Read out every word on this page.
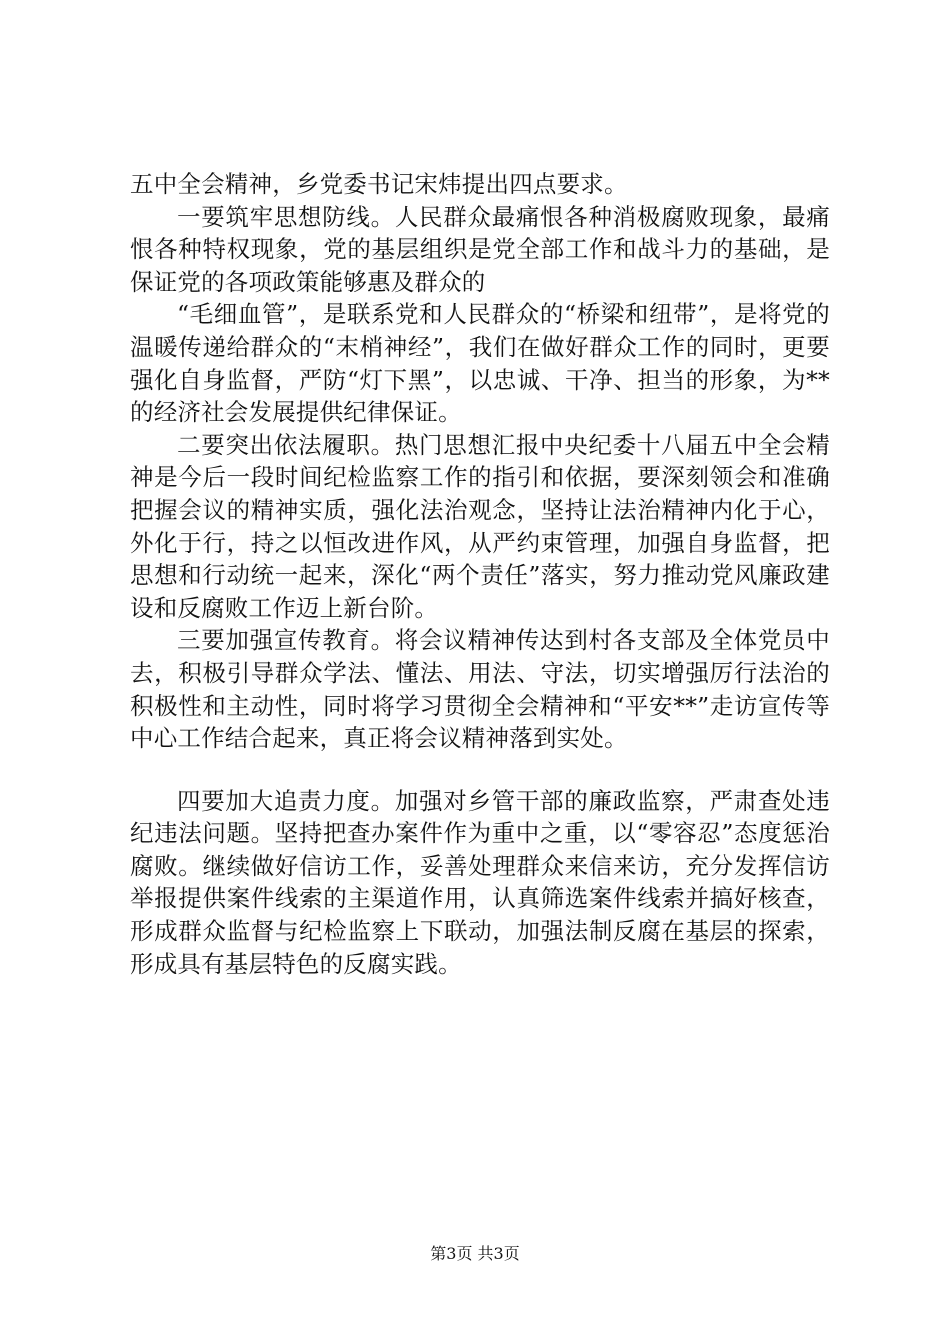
五中全会精神，乡党委书记宋炜提出四点要求。

一要筑牢思想防线。人民群众最痛恨各种消极腐败现象，最痛恨各种特权现象，党的基层组织是党全部工作和战斗力的基础，是保证党的各项政策能够惠及群众的

“毛细血管”，是联系党和人民群众的“桥梁和纽带”，是将党的温暖传递给群众的“末梢神经”，我们在做好群众工作的同时，更要强化自身监督，严防“灯下黑”，以忠诚、干净、担当的形象，为**的经济社会发展提供纪律保证。

二要突出依法履职。热门思想汇报中央纪委十八届五中全会精神是今后一段时间纪检监察工作的指引和依据，要深刻领会和准确把握会议的精神实质，强化法治观念，坚持让法治精神内化于心，外化于行，持之以恒改进作风，从严约束管理，加强自身监督，把思想和行动统一起来，深化“两个责任”落实，努力推动党风廉政建设和反腐败工作迈上新台阶。

三要加强宣传教育。将会议精神传达到村各支部及全体党员中去，积极引导群众学法、懂法、用法、守法，切实增强厉行法治的积极性和主动性，同时将学习贯彻全会精神和“平安**”走访宣传等中心工作结合起来，真正将会议精神落到实处。

四要加大追责力度。加强对乡管干部的廉政监察，严肃查处违纪违法问题。坚持把查办案件作为重中之重，以“零容忍”态度惩治腐败。继续做好信访工作，妥善处理群众来信来访，充分发挥信访举报提供案件线索的主渠道作用，认真筛选案件线索并搞好核查，形成群众监督与纪检监察上下联动，加强法制反腐在基层的探索，形成具有基层特色的反腐实践。

第3页 共3页
